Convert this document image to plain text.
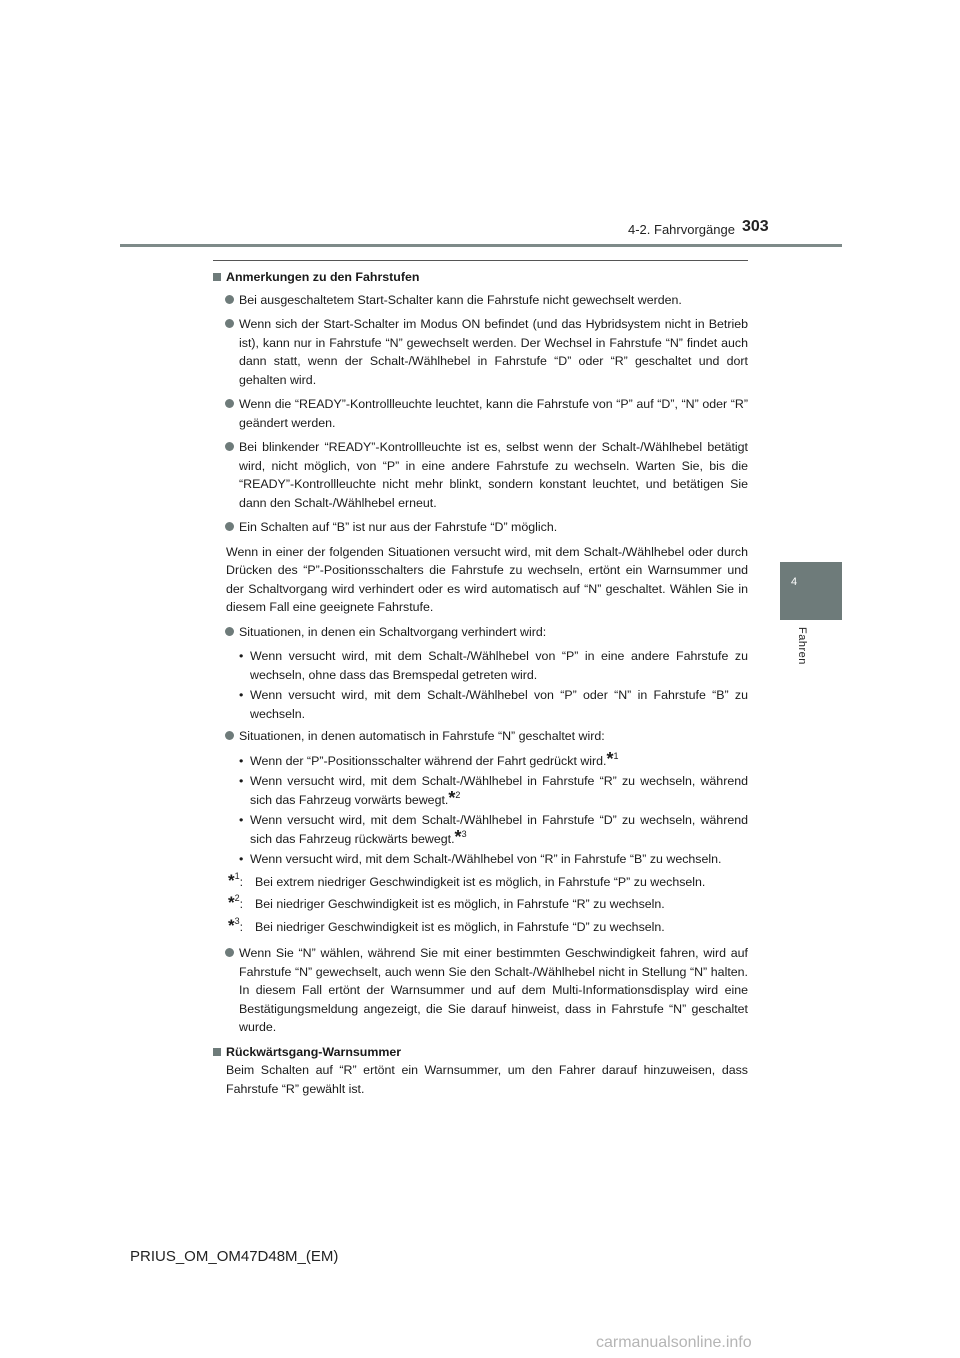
4-2. Fahrvorgänge 303
4
Fahren

Anmerkungen zu den Fahrstufen

Bei ausgeschaltetem Start-Schalter kann die Fahrstufe nicht gewechselt werden.

Wenn sich der Start-Schalter im Modus ON befindet (und das Hybridsystem nicht in Betrieb ist), kann nur in Fahrstufe “N” gewechselt werden. Der Wechsel in Fahrstufe “N” findet auch dann statt, wenn der Schalt-/Wählhebel in Fahrstufe “D” oder “R” geschaltet und dort gehalten wird.

Wenn die “READY”-Kontrollleuchte leuchtet, kann die Fahrstufe von “P” auf “D”, “N” oder “R” geändert werden.

Bei blinkender “READY”-Kontrollleuchte ist es, selbst wenn der Schalt-/Wählhebel betätigt wird, nicht möglich, von “P” in eine andere Fahrstufe zu wechseln. Warten Sie, bis die “READY”-Kontrollleuchte nicht mehr blinkt, sondern konstant leuchtet, und betätigen Sie dann den Schalt-/Wählhebel erneut.

Ein Schalten auf “B” ist nur aus der Fahrstufe “D” möglich.

Wenn in einer der folgenden Situationen versucht wird, mit dem Schalt-/Wählhebel oder durch Drücken des “P”-Positionsschalters die Fahrstufe zu wechseln, ertönt ein Warnsummer und der Schaltvorgang wird verhindert oder es wird automatisch auf “N” geschaltet. Wählen Sie in diesem Fall eine geeignete Fahrstufe.

Situationen, in denen ein Schaltvorgang verhindert wird:

• Wenn versucht wird, mit dem Schalt-/Wählhebel von “P” in eine andere Fahrstufe zu wechseln, ohne dass das Bremspedal getreten wird.

• Wenn versucht wird, mit dem Schalt-/Wählhebel von “P” oder “N” in Fahrstufe “B” zu wechseln.

Situationen, in denen automatisch in Fahrstufe “N” geschaltet wird:

• Wenn der “P”-Positionsschalter während der Fahrt gedrückt wird.*$^1$

• Wenn versucht wird, mit dem Schalt-/Wählhebel in Fahrstufe “R” zu wechseln, während sich das Fahrzeug vorwärts bewegt.*$^2$

• Wenn versucht wird, mit dem Schalt-/Wählhebel in Fahrstufe “D” zu wechseln, während sich das Fahrzeug rückwärts bewegt.*$^3$

• Wenn versucht wird, mit dem Schalt-/Wählhebel von “R” in Fahrstufe “B” zu wechseln.

*$^1$: Bei extrem niedriger Geschwindigkeit ist es möglich, in Fahrstufe “P” zu wechseln.

*$^2$: Bei niedriger Geschwindigkeit ist es möglich, in Fahrstufe “R” zu wechseln.

*$^3$: Bei niedriger Geschwindigkeit ist es möglich, in Fahrstufe “D” zu wechseln.

Wenn Sie “N” wählen, während Sie mit einer bestimmten Geschwindigkeit fahren, wird auf Fahrstufe “N” gewechselt, auch wenn Sie den Schalt-/Wählhebel nicht in Stellung “N” halten. In diesem Fall ertönt der Warnsummer und auf dem Multi-Informationsdisplay wird eine Bestätigungsmeldung angezeigt, die Sie darauf hinweist, dass in Fahrstufe “N” geschaltet wurde.

Rückwärtsgang-Warnsummer

Beim Schalten auf “R” ertönt ein Warnsummer, um den Fahrer darauf hinzuweisen, dass Fahrstufe “R” gewählt ist.

PRIUS_OM_OM47D48M_(EM)
carmanualsonline.info
